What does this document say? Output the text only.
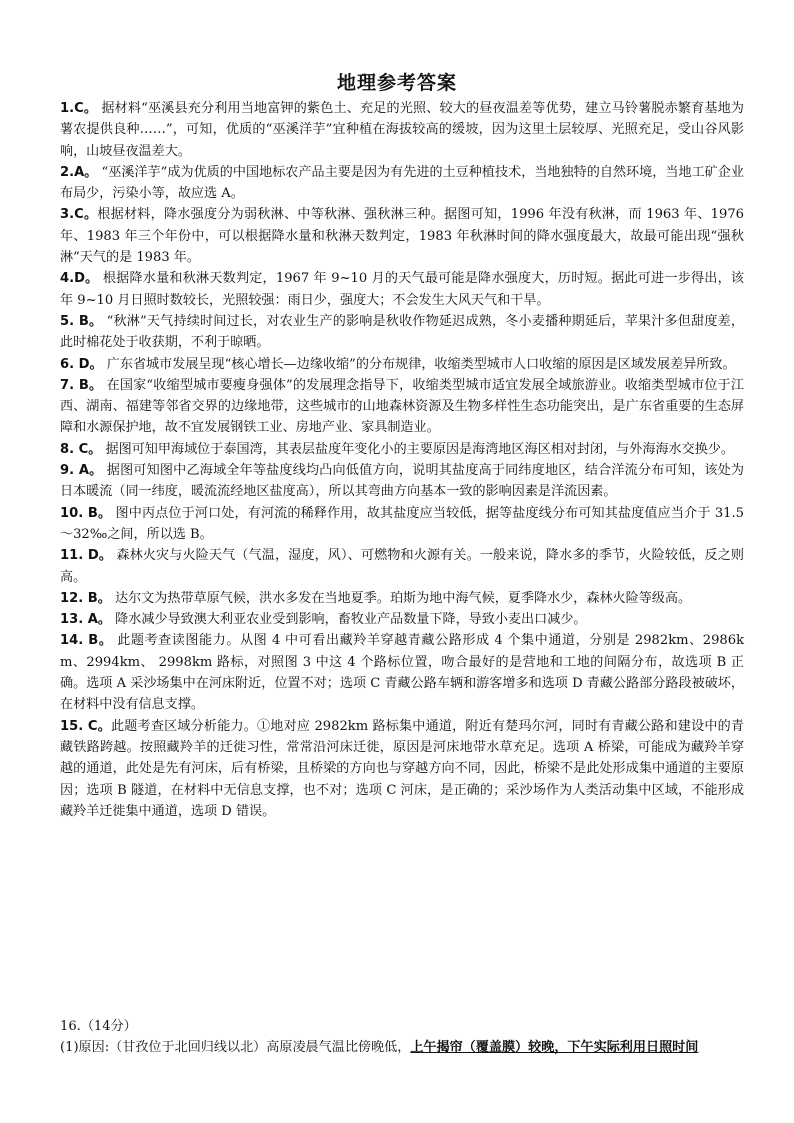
地理参考答案

1.C。 据材料“巫溪县充分利用当地富钾的紫色土、充足的光照、较大的昼夜温差等优势，建立马铃薯脱赤繁育基地为薯农提供良种……”，可知，优质的“巫溪洋芋”宜种植在海拔较高的缓坡，因为这里土层较厚、光照充足，受山谷风影响，山坡昼夜温差大。

2.A。 “巫溪洋芋”成为优质的中国地标农产品主要是因为有先进的土豆种植技术，当地独特的自然环境，当地工矿企业布局少，污染小等，故应选 A。

3.C。根据材料，降水强度分为弱秋淋、中等秋淋、强秋淋三种。据图可知，1996 年没有秋淋，而 1963 年、1976 年、1983 年三个年份中，可以根据降水量和秋淋天数判定，1983 年秋淋时间的降水强度最大，故最可能出现“强秋淋”天气的是 1983 年。

4.D。 根据降水量和秋淋天数判定，1967 年 9~10 月的天气最可能是降水强度大，历时短。据此可进一步得出，该年 9~10 月日照时数较长，光照较强：雨日少，强度大；不会发生大风天气和干旱。

5. B。 “秋淋”天气持续时间过长，对农业生产的影响是秋收作物延迟成熟，冬小麦播种期延后，苹果汁多但甜度差，此时棉花处于收获期，不利于晾晒。

6. D。 广东省城市发展呈现“核心增长—边缘收缩”的分布规律，收缩类型城市人口收缩的原因是区域发展差异所致。

7. B。 在国家“收缩型城市要瘦身强体”的发展理念指导下，收缩类型城市适宜发展全域旅游业。收缩类型城市位于江西、湖南、福建等邻省交界的边缘地带，这些城市的山地森林资源及生物多样性生态功能突出，是广东省重要的生态屏障和水源保护地，故不宜发展钢铁工业、房地产业、家具制造业。

8. C。 据图可知甲海域位于泰国湾，其表层盐度年变化小的主要原因是海湾地区海区相对封闭，与外海海水交换少。

9. A。 据图可知图中乙海域全年等盐度线均凸向低值方向，说明其盐度高于同纬度地区，结合洋流分布可知，该处为日本暖流（同一纬度，暖流流经地区盐度高），所以其弯曲方向基本一致的影响因素是洋流因素。

10. B。 图中丙点位于河口处，有河流的稀释作用，故其盐度应当较低，据等盐度线分布可知其盐度值应当介于 31.5～32‰之间，所以选 B。

11. D。 森林火灾与火险天气（气温，湿度，风）、可燃物和火源有关。一般来说，降水多的季节，火险较低，反之则高。

12. B。 达尔文为热带草原气候，洪水多发在当地夏季。珀斯为地中海气候，夏季降水少，森林火险等级高。

13. A。 降水减少导致澳大利亚农业受到影响，畜牧业产品数量下降，导致小麦出口减少。

14. B。 此题考查读图能力。从图 4 中可看出藏羚羊穿越青藏公路形成 4 个集中通道，分别是 2982km、2986km、2994km、 2998km 路标，对照图 3 中这 4 个路标位置，吻合最好的是营地和工地的间隔分布，故选项 B 正确。选项 A 采沙场集中在河床附近，位置不对；选项 C 青藏公路车辆和游客增多和选项 D 青藏公路部分路段被破坏，在材料中没有信息支撑。

15. C。此题考查区域分析能力。①地对应 2982km 路标集中通道，附近有楚玛尔河，同时有青藏公路和建设中的青藏铁路跨越。按照藏羚羊的迁徙习性，常常沿河床迁徙，原因是河床地带水草充足。选项 A 桥梁，可能成为藏羚羊穿越的通道，此处是先有河床，后有桥梁，且桥梁的方向也与穿越方向不同，因此，桥梁不是此处形成集中通道的主要原因；选项 B 隧道，在材料中无信息支撑，也不对；选项 C 河床，是正确的；采沙场作为人类活动集中区域，不能形成藏羚羊迁徙集中通道，选项 D 错误。

16.（14分）

(1)原因:（甘孜位于北回归线以北）高原凌晨气温比傍晚低，上午揭帘（覆盖膜）较晚，下午实际利用日照时间
